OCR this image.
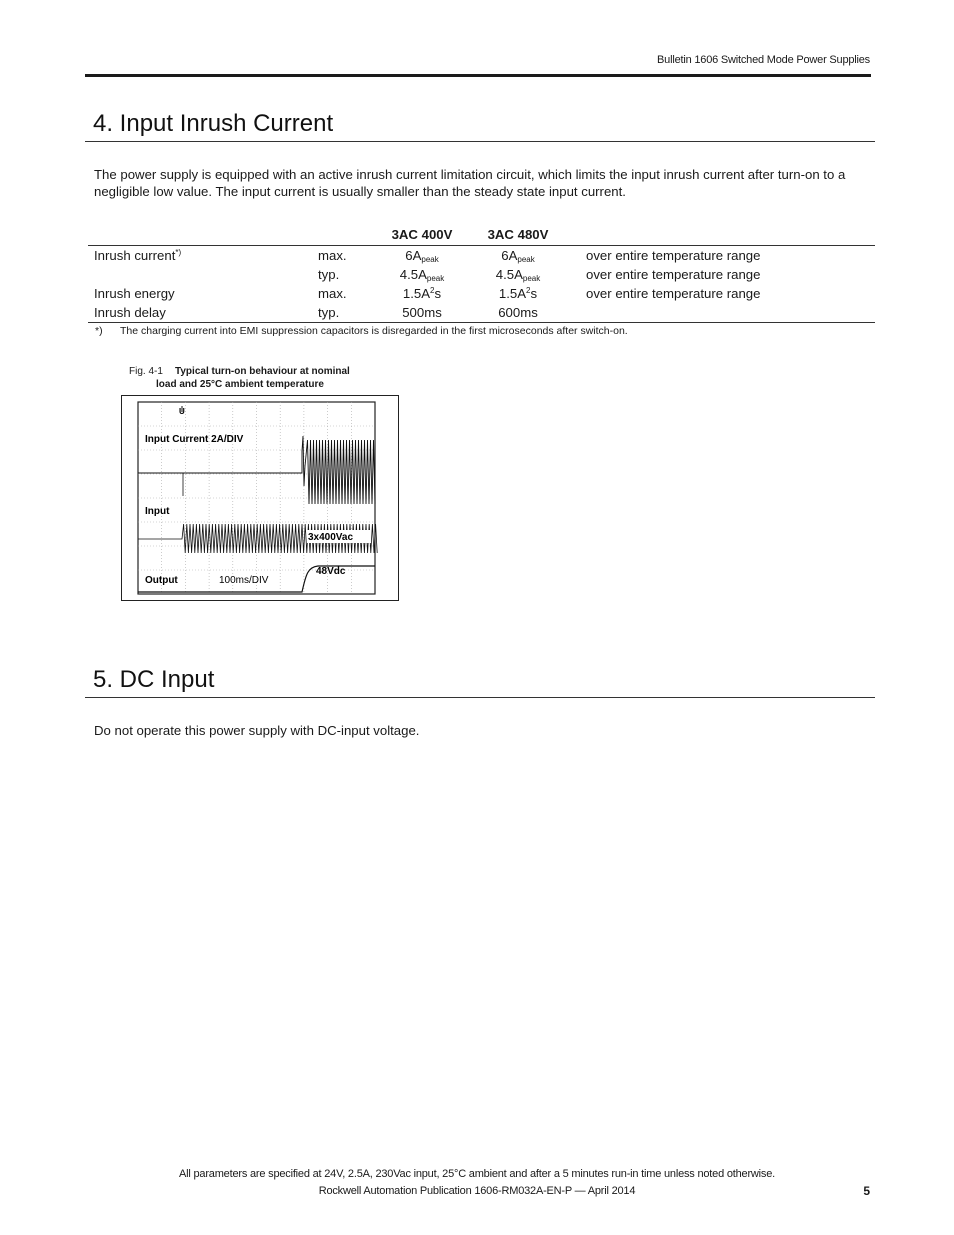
Bulletin 1606 Switched Mode Power Supplies
4. Input Inrush Current
The power supply is equipped with an active inrush current limitation circuit, which limits the input inrush current after turn-on to a negligible low value. The input current is usually smaller than the steady state input current.
		3AC 400V	3AC 480V	
Inrush current*)	max.	$6A_{peak}$	$6A_{peak}$	over entire temperature range
	typ.	$4.5A_{peak}$	$4.5A_{peak}$	over entire temperature range
Inrush energy	max.	$1.5A^2s$	$1.5A^2s$	over entire temperature range
Inrush delay	typ.	500ms	600ms	
*) The charging current into EMI suppression capacitors is disregarded in the first microseconds after switch-on.
Fig. 4-1 Typical turn-on behaviour at nominal
load and 25°C ambient temperature
U
Input Current 2A/DIV
Input
3x400Vac
Output	100ms/DIV
48Vdc
5. DC Input
Do not operate this power supply with DC-input voltage.
All parameters are specified at 24V, 2.5A, 230Vac input, 25°C ambient and after a 5 minutes run-in time unless noted otherwise.
Rockwell Automation Publication 1606-RM032A-EN-P — April 2014	5
